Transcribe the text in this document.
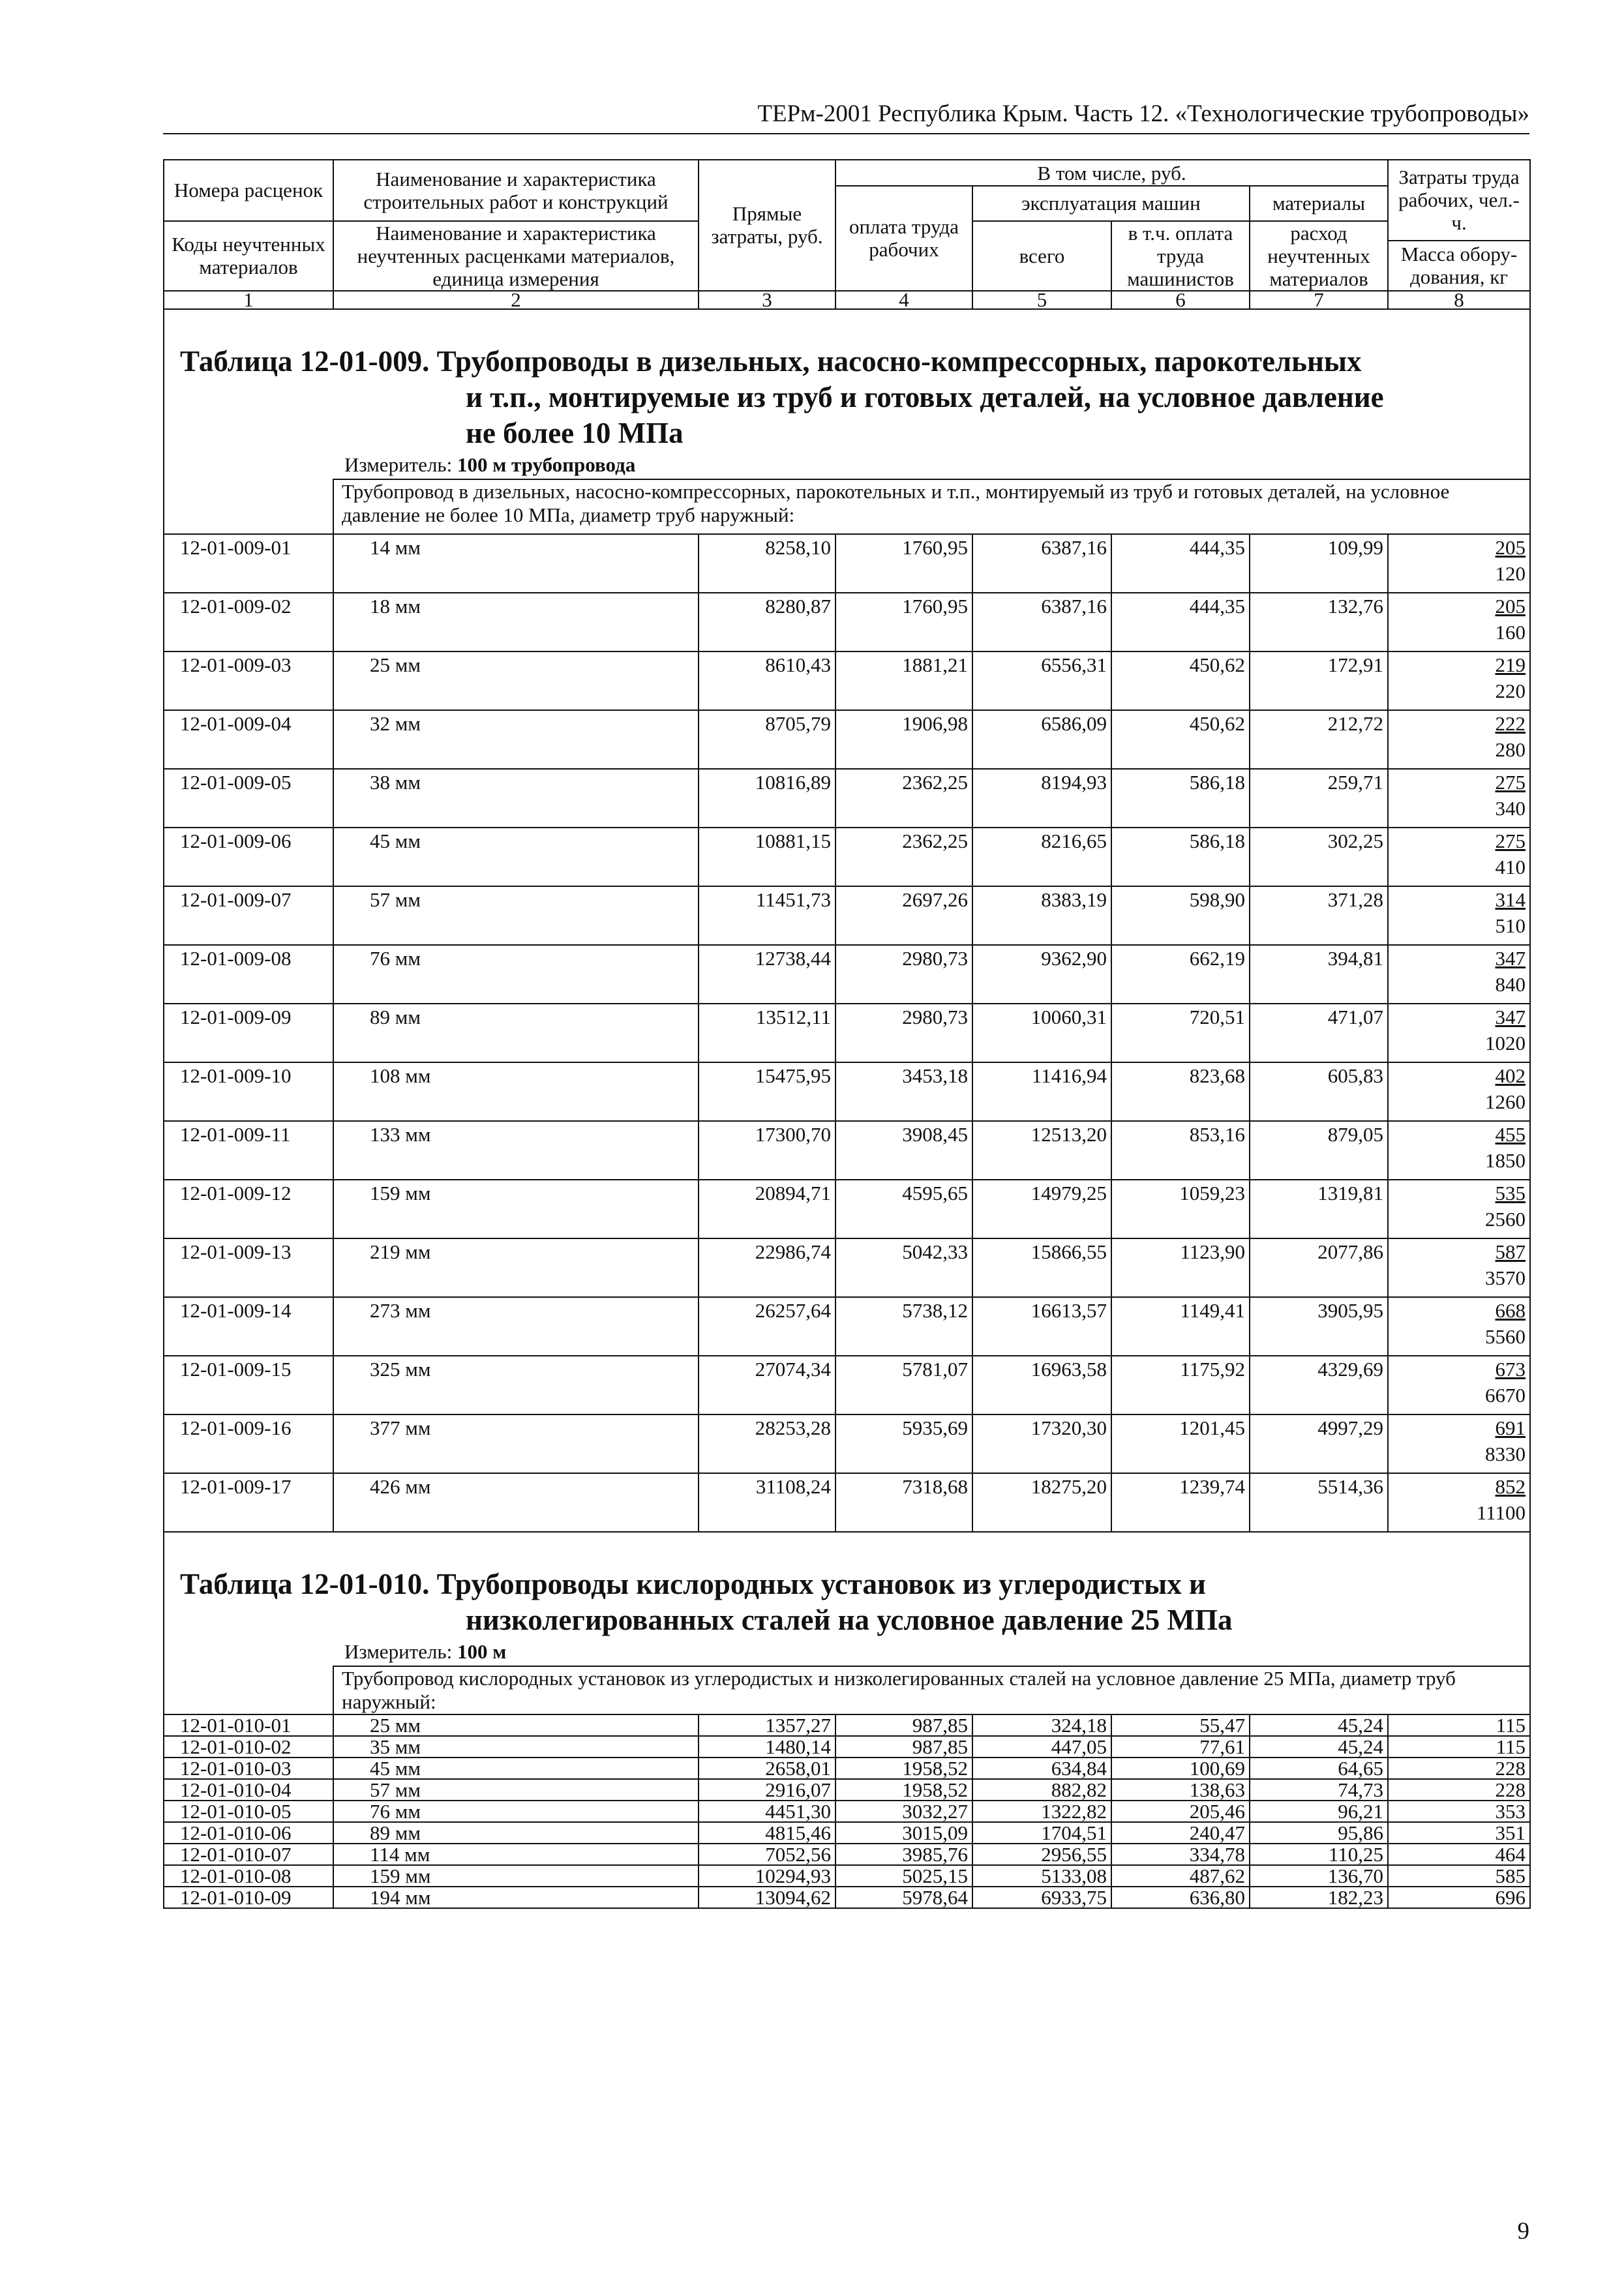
ТЕРм-2001 Республика Крым. Часть 12. «Технологические трубопроводы»
Номера расценок	Наименование и характеристика строительных работ и конструкций	Прямые затраты, руб.	В том числе, руб.				Затраты труда рабочих, чел.-ч.
			оплата труда рабочих	эксплуатация машин		материалы	
Коды неучтенных материалов	Наименование и характеристика неучтенных расценками материалов, единица измерения			всего	в т.ч. оплата труда машинистов	расход неучтенных материалов	
							Масса обору-дования, кг
1	2	3	4	5	6	7	8

Таблица 12-01-009. Трубопроводы в дизельных, насосно-компрессорных, парокотельных
и т.п., монтируемые из труб и готовых деталей, на условное давление
не более 10 МПа
Измеритель: 100 м трубопровода							

	Трубопровод в дизельных, насосно-компрессорных, парокотельных и т.п., монтируемый из труб и готовых деталей, на условное давление не более 10 МПа, диаметр труб наружный:						
12-01-009-01	14 мм	8258,10	1760,95	6387,16	444,35	109,99	205
120

12-01-009-02	18 мм	8280,87	1760,95	6387,16	444,35	132,76	205
160

12-01-009-03	25 мм	8610,43	1881,21	6556,31	450,62	172,91	219
220

12-01-009-04	32 мм	8705,79	1906,98	6586,09	450,62	212,72	222
280

12-01-009-05	38 мм	10816,89	2362,25	8194,93	586,18	259,71	275
340

12-01-009-06	45 мм	10881,15	2362,25	8216,65	586,18	302,25	275
410

12-01-009-07	57 мм	11451,73	2697,26	8383,19	598,90	371,28	314
510

12-01-009-08	76 мм	12738,44	2980,73	9362,90	662,19	394,81	347
840

12-01-009-09	89 мм	13512,11	2980,73	10060,31	720,51	471,07	347
1020

12-01-009-10	108 мм	15475,95	3453,18	11416,94	823,68	605,83	402
1260

12-01-009-11	133 мм	17300,70	3908,45	12513,20	853,16	879,05	455
1850

12-01-009-12	159 мм	20894,71	4595,65	14979,25	1059,23	1319,81	535
2560

12-01-009-13	219 мм	22986,74	5042,33	15866,55	1123,90	2077,86	587
3570

12-01-009-14	273 мм	26257,64	5738,12	16613,57	1149,41	3905,95	668
5560

12-01-009-15	325 мм	27074,34	5781,07	16963,58	1175,92	4329,69	673
6670

12-01-009-16	377 мм	28253,28	5935,69	17320,30	1201,45	4997,29	691
8330

12-01-009-17	426 мм	31108,24	7318,68	18275,20	1239,74	5514,36	852
11100

Таблица 12-01-010. Трубопроводы кислородных установок из углеродистых и
низколегированных сталей на условное давление 25 МПа
Измеритель: 100 м							

	Трубопровод кислородных установок из углеродистых и низколегированных сталей на условное давление 25 МПа, диаметр труб наружный:						
12-01-010-01	25 мм	1357,27	987,85	324,18	55,47	45,24	115

12-01-010-02	35 мм	1480,14	987,85	447,05	77,61	45,24	115

12-01-010-03	45 мм	2658,01	1958,52	634,84	100,69	64,65	228

12-01-010-04	57 мм	2916,07	1958,52	882,82	138,63	74,73	228

12-01-010-05	76 мм	4451,30	3032,27	1322,82	205,46	96,21	353

12-01-010-06	89 мм	4815,46	3015,09	1704,51	240,47	95,86	351

12-01-010-07	114 мм	7052,56	3985,76	2956,55	334,78	110,25	464

12-01-010-08	159 мм	10294,93	5025,15	5133,08	487,62	136,70	585

12-01-010-09	194 мм	13094,62	5978,64	6933,75	636,80	182,23	696
9
